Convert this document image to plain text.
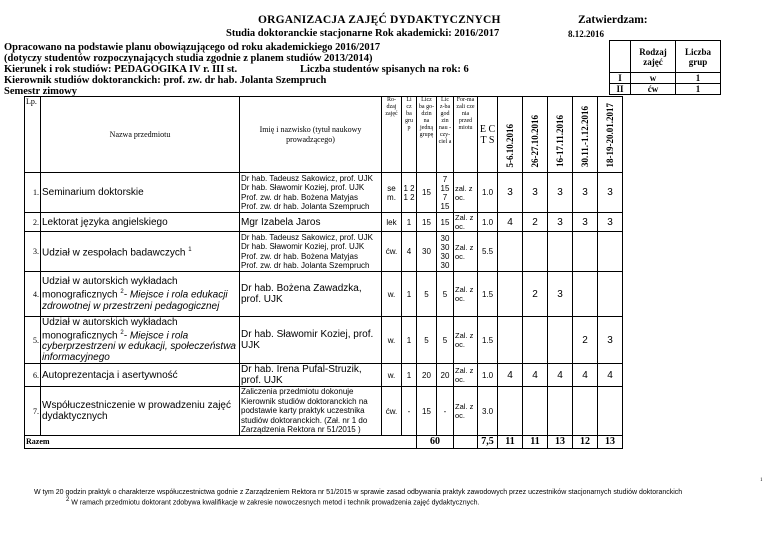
ORGANIZACJA ZAJĘĆ DYDAKTYCZNYCH	Zatwierdzam:
Studia doktoranckie stacjonarne Rok akademicki: 2016/2017	8.12.2016
Opracowano na podstawie planu obowiązującego od roku akademickiego 2016/2017
(dotyczy studentów rozpoczynających studia zgodnie z planem studiów 2013/2014)
Kierunek i rok studiów: PEDAGOGIKA IV r. III st.	Liczba studentów spisanych na rok: 6
Kierownik studiów doktoranckich: prof. zw. dr hab. Jolanta Szempruch
Semestr zimowy
	Rodzaj zajęć	Liczba grup
I	w	1
II	ćw	1
Lp.	Nazwa przedmiotu	Imię i nazwisko (tytuł naukowy prowadzącego)	Ro-dzaj zajęć	Li cz ba gru p	Licz ba go-dzin na jedną grupę	Lic z-ba god zin nau - czy-ciel a	For-ma zali cze nia przed miotu	E C T S	5-6.10.2016	26-27.10.2016	16-17.11.2016	30.11.-1.12.2016	18-19-20.01.2017
1.	Seminarium doktorskie	Dr hab. Tadeusz Sakowicz, prof. UJK
Dr hab. Sławomir Koziej, prof. UJK
Prof. zw. dr hab. Bożena Matyjas
Prof. zw. dr hab. Jolanta Szempruch	se m.	1 2 1 2	15	7 15 7 15	zal. z oc.	1.0	3	3	3	3	3
2.	Lektorat języka angielskiego	Mgr Izabela Jaros	lek	1	15	15	Zal. z oc.	1.0	4	2	3	3	3
3.	Udział w zespołach badawczych $^1$	Dr hab. Tadeusz Sakowicz, prof. UJK
Dr hab. Sławomir Koziej, prof. UJK
Prof. zw. dr hab. Bożena Matyjas
Prof. zw. dr hab. Jolanta Szempruch	ćw.	4	30	30 30 30 30	Zal. z oc.	5.5					
4.	Udział w autorskich wykładach monograficznych $^2$- Miejsce i rola edukacji zdrowotnej w przestrzeni pedagogicznej	Dr hab. Bożena Zawadzka, prof. UJK	w.	1	5	5	Zal. z oc.	1.5		2	3		
5.	Udział w autorskich wykładach monograficznych $^2$- Miejsce i rola cyberprzestrzeni w edukacji, społeczeństwa informacyjnego	Dr hab. Sławomir Koziej, prof. UJK	w.	1	5	5	Zal. z oc.	1.5				2	3
6.	Autoprezentacja i asertywność	Dr hab. Irena Pufal-Struzik, prof. UJK	w.	1	20	20	Zal. z oc.	1.0	4	4	4	4	4
7.	Współuczestniczenie w prowadzeniu zajęć dydaktycznych	Zaliczenia przedmiotu dokonuje Kierownik studiów doktoranckich na podstawie karty praktyk uczestnika studiów doktoranckich. (Zał. nr 1 do Zarządzenia Rektora nr 51/2015 )	ćw.	-	15	-	Zal. z oc.	3.0					
Razem					60			7,5	11	11	13	12	13
W tym 20 godzin praktyk o charakterze współuczestnictwa godnie z Zarządzeniem Rektora nr 51/2015 w sprawie zasad odbywania praktyk zawodowych przez uczestników stacjonarnych studiów doktoranckich
$^2$ W ramach przedmiotu doktorant zdobywa kwalifikacje w zakresie nowoczesnych metod i technik prowadzenia zajęć dydaktycznych.
1
